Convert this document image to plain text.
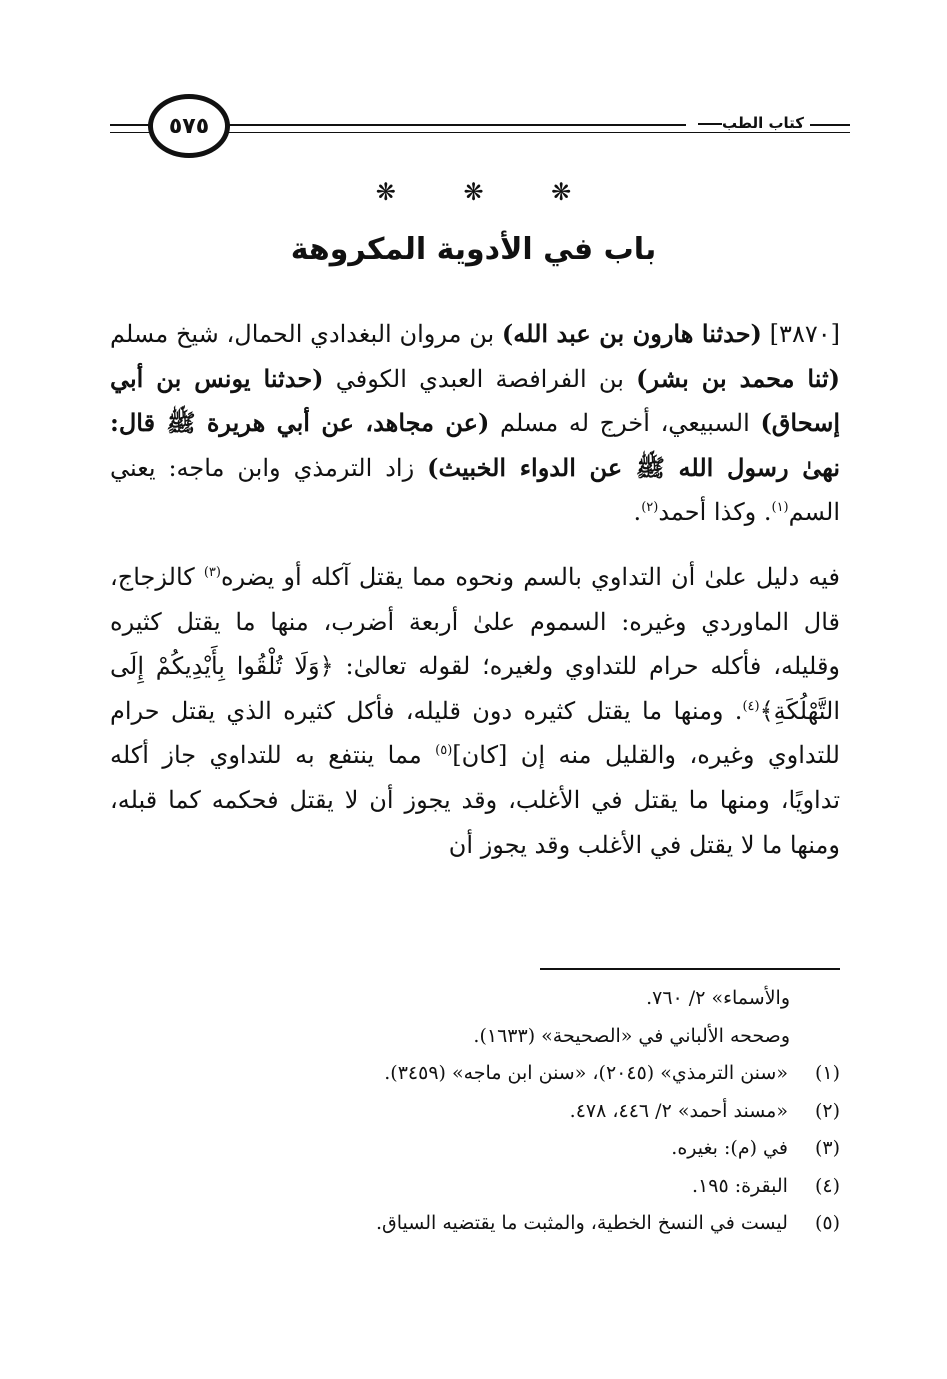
٥٧٥	كتاب الطب
❋ ❋ ❋
باب في الأدوية المكروهة

[٣٨٧٠] (حدثنا هارون بن عبد الله) بن مروان البغدادي الحمال، شيخ مسلم (ثنا محمد بن بشر) بن الفرافصة العبدي الكوفي (حدثنا يونس بن أبي إسحاق) السبيعي، أخرج له مسلم (عن مجاهد، عن أبي هريرة ﷺ قال: نهىٰ رسول الله ﷺ عن الدواء الخبيث) زاد الترمذي وابن ماجه: يعني السم$^{(١)}$. وكذا أحمد$^{(٢)}$.

فيه دليل علىٰ أن التداوي بالسم ونحوه مما يقتل آكله أو يضره$^{(٣)}$ كالزجاج، قال الماوردي وغيره: السموم علىٰ أربعة أضرب، منها ما يقتل كثيره وقليله، فأكله حرام للتداوي ولغيره؛ لقوله تعالىٰ: ﴿وَلَا تُلْقُوا بِأَيْدِيكُمْ إِلَى التَّهْلُكَةِ﴾$^{(٤)}$. ومنها ما يقتل كثيره دون قليله، فأكل كثيره الذي يقتل حرام للتداوي وغيره، والقليل منه إن [كان]$^{(٥)}$ مما ينتفع به للتداوي جاز أكله تداويًا، ومنها ما يقتل في الأغلب، وقد يجوز أن لا يقتل فحكمه كما قبله، ومنها ما لا يقتل في الأغلب وقد يجوز أن

والأسماء» ٢/ ٧٦٠.
وصححه الألباني في «الصحيحة» (١٦٣٣).
(١) «سنن الترمذي» (٢٠٤٥)، «سنن ابن ماجه» (٣٤٥٩).
(٢) «مسند أحمد» ٢/ ٤٤٦، ٤٧٨.
(٣) في (م): بغيره.
(٤) البقرة: ١٩٥.
(٥) ليست في النسخ الخطية، والمثبت ما يقتضيه السياق.
